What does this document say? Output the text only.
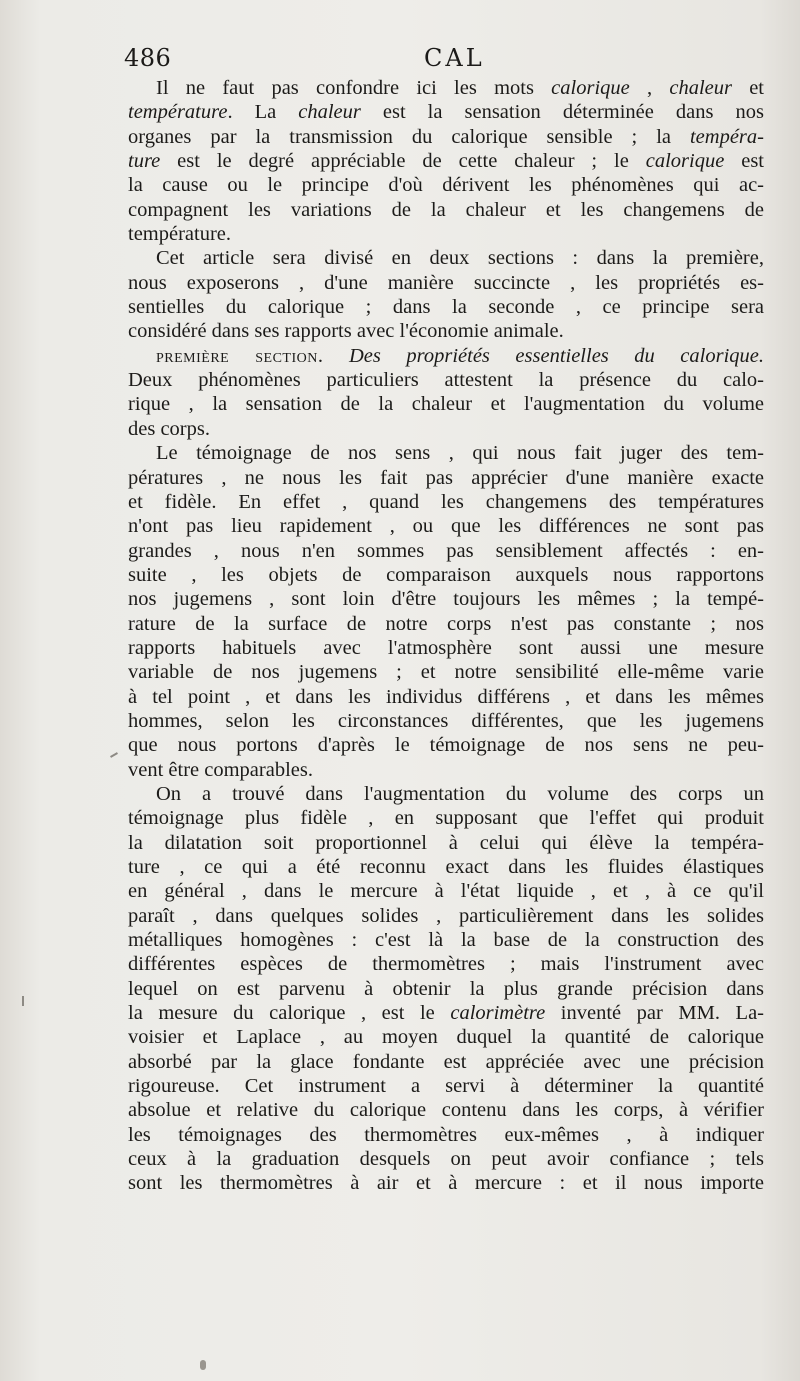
486	CAL
Il ne faut pas confondre ici les mots calorique , chaleur et
température. La chaleur est la sensation déterminée dans nos
organes par la transmission du calorique sensible ; la tempéra-
ture est le degré appréciable de cette chaleur ; le calorique est
la cause ou le principe d'où dérivent les phénomènes qui ac-
compagnent les variations de la chaleur et les changemens de
température.
Cet article sera divisé en deux sections : dans la première,
nous exposerons , d'une manière succincte , les propriétés es-
sentielles du calorique ; dans la seconde , ce principe sera
considéré dans ses rapports avec l'économie animale.
première section. Des propriétés essentielles du calorique.
Deux phénomènes particuliers attestent la présence du calo-
rique , la sensation de la chaleur et l'augmentation du volume
des corps.
Le témoignage de nos sens , qui nous fait juger des tem-
pératures , ne nous les fait pas apprécier d'une manière exacte
et fidèle. En effet , quand les changemens des températures
n'ont pas lieu rapidement , ou que les différences ne sont pas
grandes , nous n'en sommes pas sensiblement affectés : en-
suite , les objets de comparaison auxquels nous rapportons
nos jugemens , sont loin d'être toujours les mêmes ; la tempé-
rature de la surface de notre corps n'est pas constante ; nos
rapports habituels avec l'atmosphère sont aussi une mesure
variable de nos jugemens ; et notre sensibilité elle-même varie
à tel point , et dans les individus différens , et dans les mêmes
hommes, selon les circonstances différentes, que les jugemens
que nous portons d'après le témoignage de nos sens ne peu-
vent être comparables.
On a trouvé dans l'augmentation du volume des corps un
témoignage plus fidèle , en supposant que l'effet qui produit
la dilatation soit proportionnel à celui qui élève la tempéra-
ture , ce qui a été reconnu exact dans les fluides élastiques
en général , dans le mercure à l'état liquide , et , à ce qu'il
paraît , dans quelques solides , particulièrement dans les solides
métalliques homogènes : c'est là la base de la construction des
différentes espèces de thermomètres ; mais l'instrument avec
lequel on est parvenu à obtenir la plus grande précision dans
la mesure du calorique , est le calorimètre inventé par MM. La-
voisier et Laplace , au moyen duquel la quantité de calorique
absorbé par la glace fondante est appréciée avec une précision
rigoureuse. Cet instrument a servi à déterminer la quantité
absolue et relative du calorique contenu dans les corps, à vérifier
les témoignages des thermomètres eux-mêmes , à indiquer
ceux à la graduation desquels on peut avoir confiance ; tels
sont les thermomètres à air et à mercure : et il nous importe
